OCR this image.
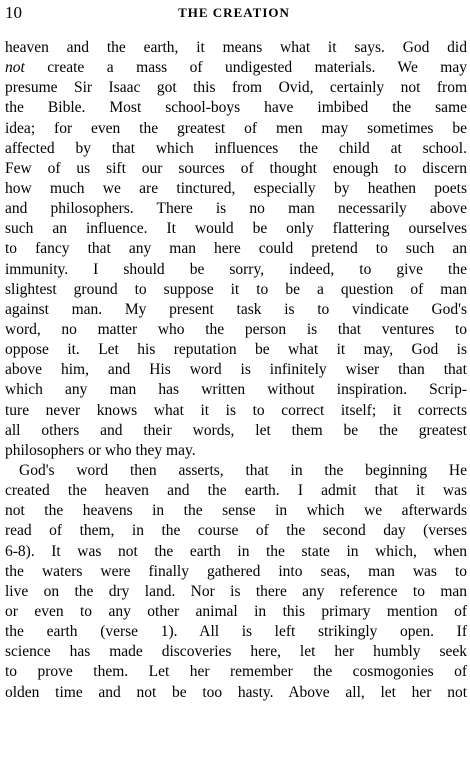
10	THE CREATION
heaven and the earth, it means what it says. God did
not create a mass of undigested materials. We may
presume Sir Isaac got this from Ovid, certainly not from
the Bible. Most school-boys have imbibed the same
idea; for even the greatest of men may sometimes be
affected by that which influences the child at school.
Few of us sift our sources of thought enough to discern
how much we are tinctured, especially by heathen poets
and philosophers. There is no man necessarily above
such an influence. It would be only flattering ourselves
to fancy that any man here could pretend to such an
immunity. I should be sorry, indeed, to give the
slightest ground to suppose it to be a question of man
against man. My present task is to vindicate God's
word, no matter who the person is that ventures to
oppose it. Let his reputation be what it may, God is
above him, and His word is infinitely wiser than that
which any man has written without inspiration. Scrip-
ture never knows what it is to correct itself; it corrects
all others and their words, let them be the greatest
philosophers or who they may.
God's word then asserts, that in the beginning He
created the heaven and the earth. I admit that it was
not the heavens in the sense in which we afterwards
read of them, in the course of the second day (verses
6-8). It was not the earth in the state in which, when
the waters were finally gathered into seas, man was to
live on the dry land. Nor is there any reference to man
or even to any other animal in this primary mention of
the earth (verse 1). All is left strikingly open. If
science has made discoveries here, let her humbly seek
to prove them. Let her remember the cosmogonies of
olden time and not be too hasty. Above all, let her not
